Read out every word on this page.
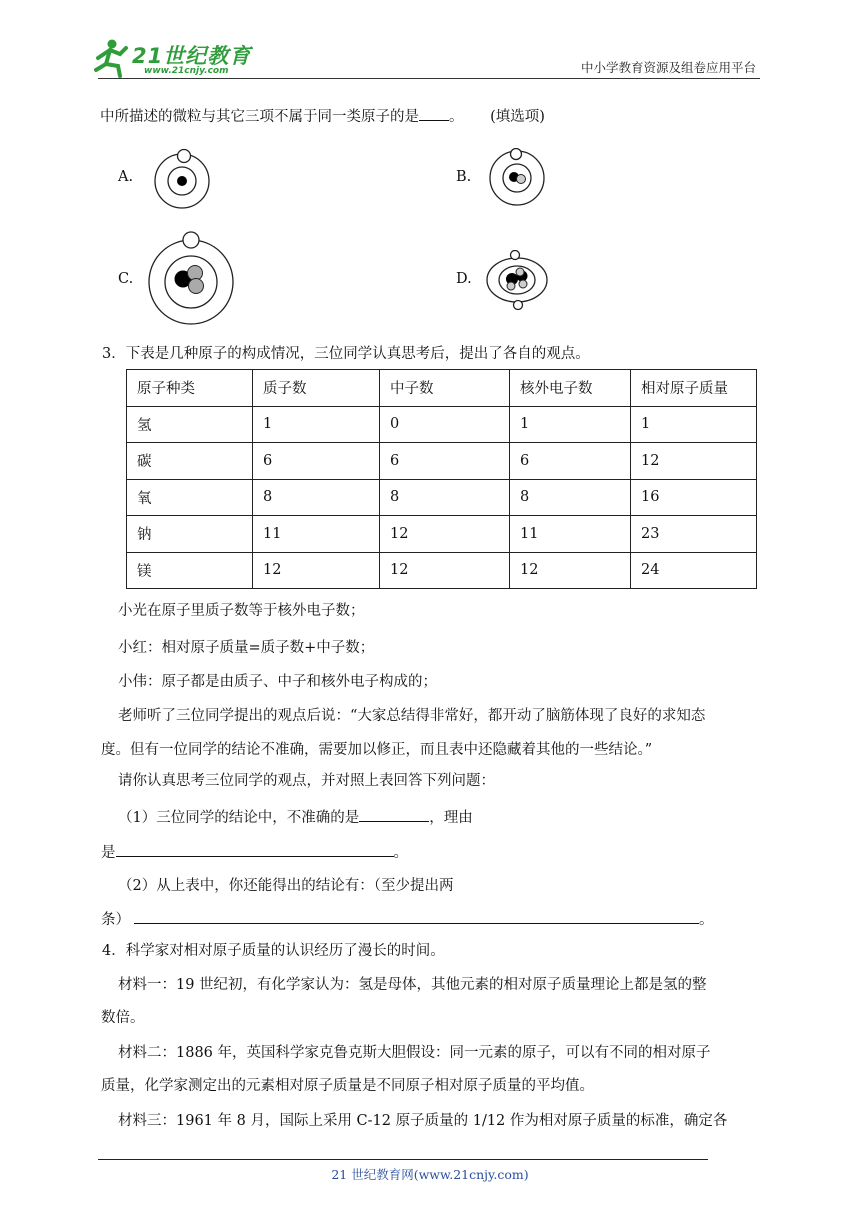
21世纪教育
www.21cnjy.com	中小学教育资源及组卷应用平台
中所描述的微粒与其它三项不属于同一类原子的是 。 (填选项)
A.	B.
C.	D.
3．下表是几种原子的构成情况，三位同学认真思考后，提出了各自的观点。
原子种类	质子数	中子数	核外电子数	相对原子质量
氢	1	0	1	1
碳	6	6	6	12
氧	8	8	8	16
钠	11	12	11	23
镁	12	12	12	24
小光在原子里质子数等于核外电子数；
小红：相对原子质量=质子数+中子数；
小伟：原子都是由质子、中子和核外电子构成的；
老师听了三位同学提出的观点后说：“大家总结得非常好，都开动了脑筋体现了良好的求知态
度。但有一位同学的结论不准确，需要加以修正，而且表中还隐藏着其他的一些结论。”
请你认真思考三位同学的观点，并对照上表回答下列问题：
（1）三位同学的结论中，不准确的是	，理由
是	。
（2）从上表中，你还能得出的结论有：（至少提出两
条）	。
4．科学家对相对原子质量的认识经历了漫长的时间。
材料一：19 世纪初，有化学家认为：氢是母体，其他元素的相对原子质量理论上都是氢的整
数倍。
材料二：1886 年，英国科学家克鲁克斯大胆假设：同一元素的原子，可以有不同的相对原子
质量，化学家测定出的元素相对原子质量是不同原子相对原子质量的平均值。
材料三：1961 年 8 月，国际上采用 C-12 原子质量的 1/12 作为相对原子质量的标准，确定各
21 世纪教育网(www.21cnjy.com)
